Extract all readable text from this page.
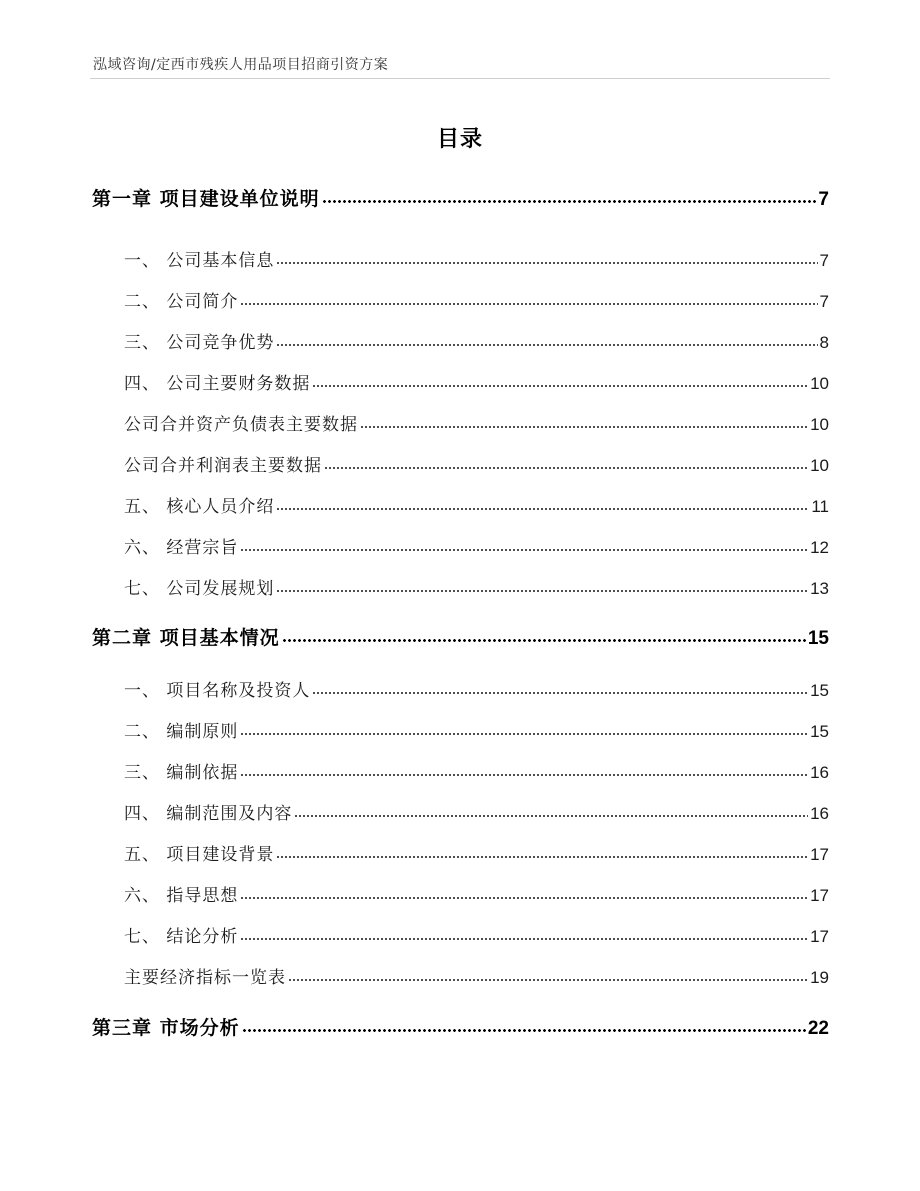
泓域咨询/定西市残疾人用品项目招商引资方案
目录
第一章 项目建设单位说明	7
一、 公司基本信息	7
二、 公司简介	7
三、 公司竞争优势	8
四、 公司主要财务数据	10
公司合并资产负债表主要数据	10
公司合并利润表主要数据	10
五、 核心人员介绍	11
六、 经营宗旨	12
七、 公司发展规划	13
第二章 项目基本情况	15
一、 项目名称及投资人	15
二、 编制原则	15
三、 编制依据	16
四、 编制范围及内容	16
五、 项目建设背景	17
六、 指导思想	17
七、 结论分析	17
主要经济指标一览表	19
第三章 市场分析	22
